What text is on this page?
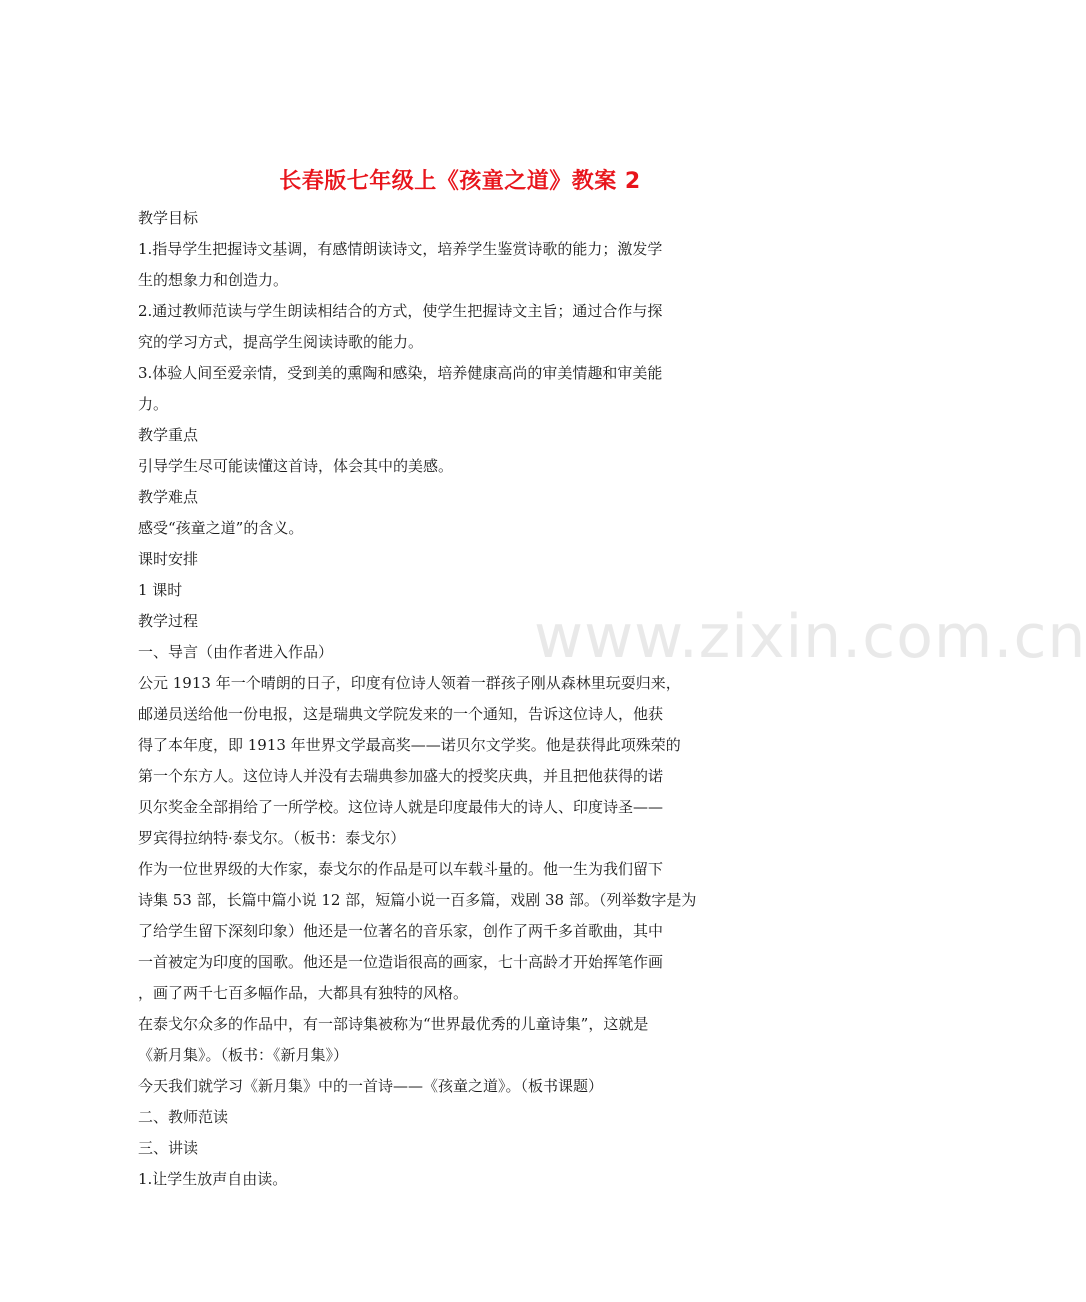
长春版七年级上《孩童之道》教案 2
www.zixin.com.cn
教学目标
1.指导学生把握诗文基调，有感情朗读诗文，培养学生鉴赏诗歌的能力；激发学
生的想象力和创造力。
2.通过教师范读与学生朗读相结合的方式，使学生把握诗文主旨；通过合作与探
究的学习方式，提高学生阅读诗歌的能力。
3.体验人间至爱亲情，受到美的熏陶和感染，培养健康高尚的审美情趣和审美能
力。
教学重点
引导学生尽可能读懂这首诗，体会其中的美感。
教学难点
感受“孩童之道”的含义。
课时安排
1 课时
教学过程
一、导言（由作者进入作品）
公元 1913 年一个晴朗的日子，印度有位诗人领着一群孩子刚从森林里玩耍归来，
邮递员送给他一份电报，这是瑞典文学院发来的一个通知，告诉这位诗人，他获
得了本年度，即 1913 年世界文学最高奖——诺贝尔文学奖。他是获得此项殊荣的
第一个东方人。这位诗人并没有去瑞典参加盛大的授奖庆典，并且把他获得的诺
贝尔奖金全部捐给了一所学校。这位诗人就是印度最伟大的诗人、印度诗圣——
罗宾得拉纳特·泰戈尔。（板书：泰戈尔）
作为一位世界级的大作家，泰戈尔的作品是可以车载斗量的。他一生为我们留下
诗集 53 部，长篇中篇小说 12 部，短篇小说一百多篇，戏剧 38 部。（列举数字是为
了给学生留下深刻印象）他还是一位著名的音乐家，创作了两千多首歌曲，其中
一首被定为印度的国歌。他还是一位造诣很高的画家，七十高龄才开始挥笔作画
，画了两千七百多幅作品，大都具有独特的风格。
在泰戈尔众多的作品中，有一部诗集被称为“世界最优秀的儿童诗集”，这就是
《新月集》。（板书：《新月集》）
今天我们就学习《新月集》中的一首诗——《孩童之道》。（板书课题）
二、教师范读
三、讲读
1.让学生放声自由读。
